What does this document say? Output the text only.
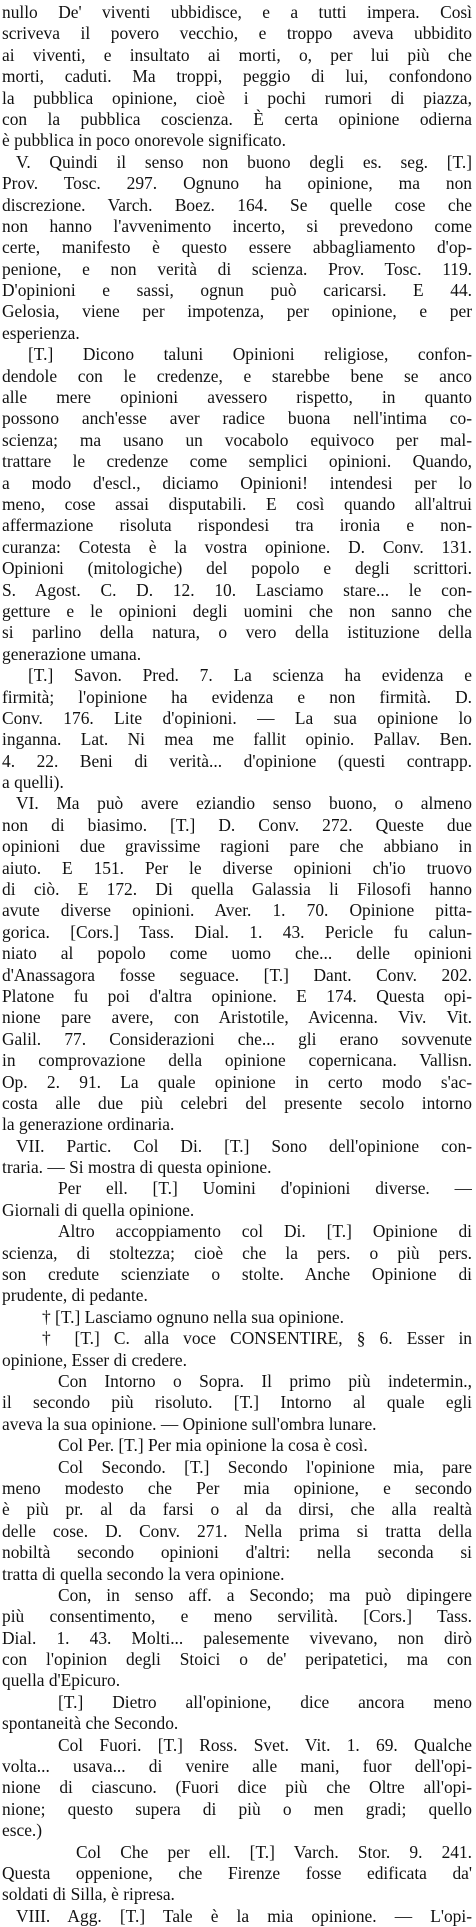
nullo De' viventi ubbidisce, e a tutti impera. Così
scriveva il povero vecchio, e troppo aveva ubbidito
ai viventi, e insultato ai morti, o, per lui più che
morti, caduti. Ma troppi, peggio di lui, confondono
la pubblica opinione, cioè i pochi rumori di piazza,
con la pubblica coscienza. È certa opinione odierna
è pubblica in poco onorevole significato.
V. Quindi il senso non buono degli es. seg. [T.]
Prov. Tosc. 297. Ognuno ha opinione, ma non
discrezione. Varch. Boez. 164. Se quelle cose che
non hanno l'avvenimento incerto, si prevedono come
certe, manifesto è questo essere abbagliamento d'op-
penione, e non verità di scienza. Prov. Tosc. 119.
D'opinioni e sassi, ognun può caricarsi. E 44.
Gelosia, viene per impotenza, per opinione, e per
esperienza.
[T.] Dicono taluni Opinioni religiose, confon-
dendole con le credenze, e starebbe bene se anco
alle mere opinioni avessero rispetto, in quanto
possono anch'esse aver radice buona nell'intima co-
scienza; ma usano un vocabolo equivoco per mal-
trattare le credenze come semplici opinioni. Quando,
a modo d'escl., diciamo Opinioni! intendesi per lo
meno, cose assai disputabili. E così quando all'altrui
affermazione risoluta rispondesi tra ironia e non-
curanza: Cotesta è la vostra opinione. D. Conv. 131.
Opinioni (mitologiche) del popolo e degli scrittori.
S. Agost. C. D. 12. 10. Lasciamo stare... le con-
getture e le opinioni degli uomini che non sanno che
si parlino della natura, o vero della istituzione della
generazione umana.
[T.] Savon. Pred. 7. La scienza ha evidenza e
firmità; l'opinione ha evidenza e non firmità. D.
Conv. 176. Lite d'opinioni. — La sua opinione lo
inganna. Lat. Ni mea me fallit opinio. Pallav. Ben.
4. 22. Beni di verità... d'opinione (questi contrapp.
a quelli).
VI. Ma può avere eziandio senso buono, o almeno
non di biasimo. [T.] D. Conv. 272. Queste due
opinioni due gravissime ragioni pare che abbiano in
aiuto. E 151. Per le diverse opinioni ch'io truovo
di ciò. E 172. Di quella Galassia li Filosofi hanno
avute diverse opinioni. Aver. 1. 70. Opinione pitta-
gorica. [Cors.] Tass. Dial. 1. 43. Pericle fu calun-
niato al popolo come uomo che... delle opinioni
d'Anassagora fosse seguace. [T.] Dant. Conv. 202.
Platone fu poi d'altra opinione. E 174. Questa opi-
nione pare avere, con Aristotile, Avicenna. Viv. Vit.
Galil. 77. Considerazioni che... gli erano sovvenute
in comprovazione della opinione copernicana. Vallisn.
Op. 2. 91. La quale opinione in certo modo s'ac-
costa alle due più celebri del presente secolo intorno
la generazione ordinaria.
VII. Partic. Col Di. [T.] Sono dell'opinione con-
traria. — Si mostra di questa opinione.
Per ell. [T.] Uomini d'opinioni diverse. —
Giornali di quella opinione.
Altro accoppiamento col Di. [T.] Opinione di
scienza, di stoltezza; cioè che la pers. o più pers.
son credute scienziate o stolte. Anche Opinione di
prudente, di pedante.
† [T.] Lasciamo ognuno nella sua opinione.
† [T.] C. alla voce CONSENTIRE, § 6. Esser in
opinione, Esser di credere.
Con Intorno o Sopra. Il primo più indetermin.,
il secondo più risoluto. [T.] Intorno al quale egli
aveva la sua opinione. — Opinione sull'ombra lunare.
Col Per. [T.] Per mia opinione la cosa è così.
Col Secondo. [T.] Secondo l'opinione mia, pare
meno modesto che Per mia opinione, e secondo
è più pr. al da farsi o al da dirsi, che alla realtà
delle cose. D. Conv. 271. Nella prima si tratta della
nobiltà secondo opinioni d'altri: nella seconda si
tratta di quella secondo la vera opinione.
Con, in senso aff. a Secondo; ma può dipingere
più consentimento, e meno servilità. [Cors.] Tass.
Dial. 1. 43. Molti... palesemente vivevano, non dirò
con l'opinion degli Stoici o de' peripatetici, ma con
quella d'Epicuro.
[T.] Dietro all'opinione, dice ancora meno
spontaneità che Secondo.
Col Fuori. [T.] Ross. Svet. Vit. 1. 69. Qualche
volta... usava... di venire alle mani, fuor dell'opi-
nione di ciascuno. (Fuori dice più che Oltre all'opi-
nione; questo supera di più o men gradi; quello
esce.)
Col Che per ell. [T.] Varch. Stor. 9. 241.
Questa oppenione, che Firenze fosse edificata da'
soldati di Silla, è ripresa.
VIII. Agg. [T.] Tale è la mia opinione. — L'opi-
